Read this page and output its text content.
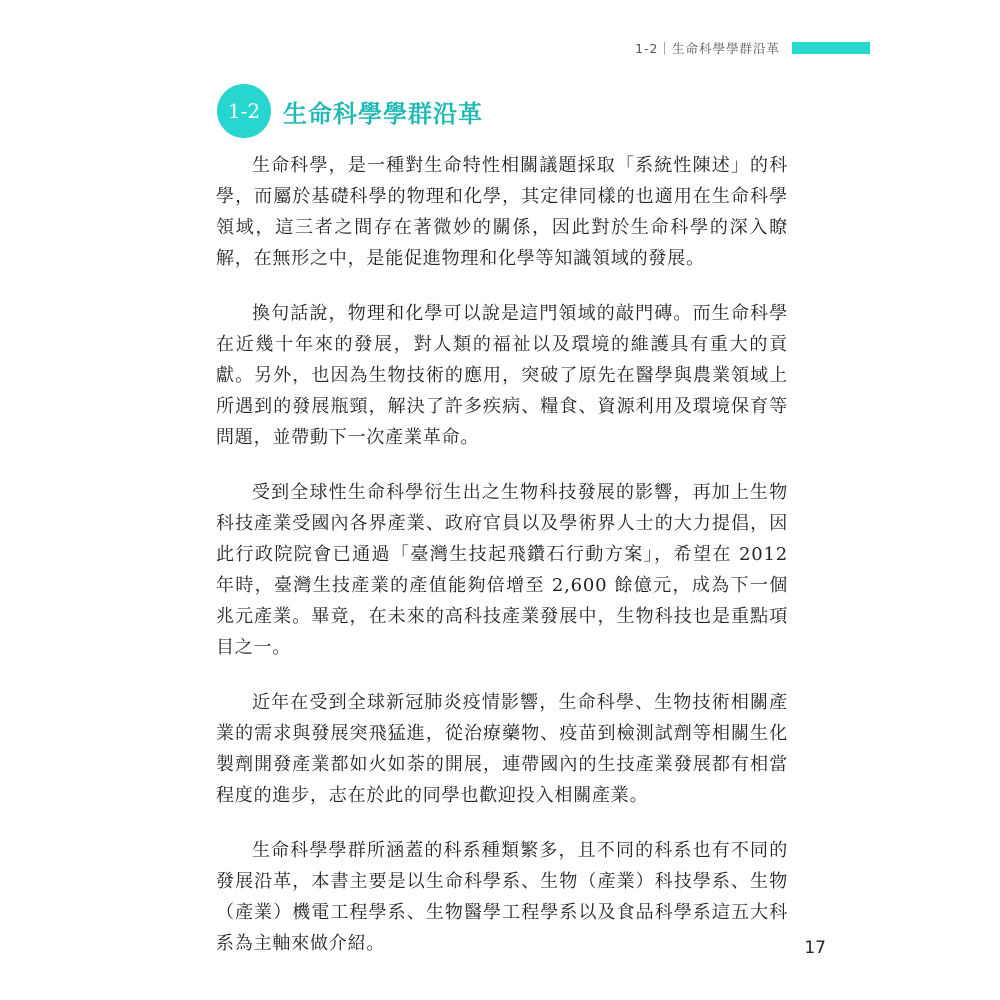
1-2｜生命科學學群沿革
1-2 生命科學學群沿革

生命科學，是一種對生命特性相關議題採取「系統性陳述」的科學，而屬於基礎科學的物理和化學，其定律同樣的也適用在生命科學領域，這三者之間存在著微妙的關係，因此對於生命科學的深入瞭解，在無形之中，是能促進物理和化學等知識領域的發展。

換句話說，物理和化學可以說是這門領域的敲門磚。而生命科學在近幾十年來的發展，對人類的福祉以及環境的維護具有重大的貢獻。另外，也因為生物技術的應用，突破了原先在醫學與農業領域上所遇到的發展瓶頸，解決了許多疾病、糧食、資源利用及環境保育等問題，並帶動下一次產業革命。

受到全球性生命科學衍生出之生物科技發展的影響，再加上生物科技產業受國內各界產業、政府官員以及學術界人士的大力提倡，因此行政院院會已通過「臺灣生技起飛鑽石行動方案」，希望在 2012 年時，臺灣生技產業的產值能夠倍增至 2,600 餘億元，成為下一個兆元產業。畢竟，在未來的高科技產業發展中，生物科技也是重點項目之一。

近年在受到全球新冠肺炎疫情影響，生命科學、生物技術相關產業的需求與發展突飛猛進，從治療藥物、疫苗到檢測試劑等相關生化製劑開發產業都如火如荼的開展，連帶國內的生技產業發展都有相當程度的進步，志在於此的同學也歡迎投入相關產業。

生命科學學群所涵蓋的科系種類繁多，且不同的科系也有不同的發展沿革，本書主要是以生命科學系、生物（產業）科技學系、生物（產業）機電工程學系、生物醫學工程學系以及食品科學系這五大科系為主軸來做介紹。	17
